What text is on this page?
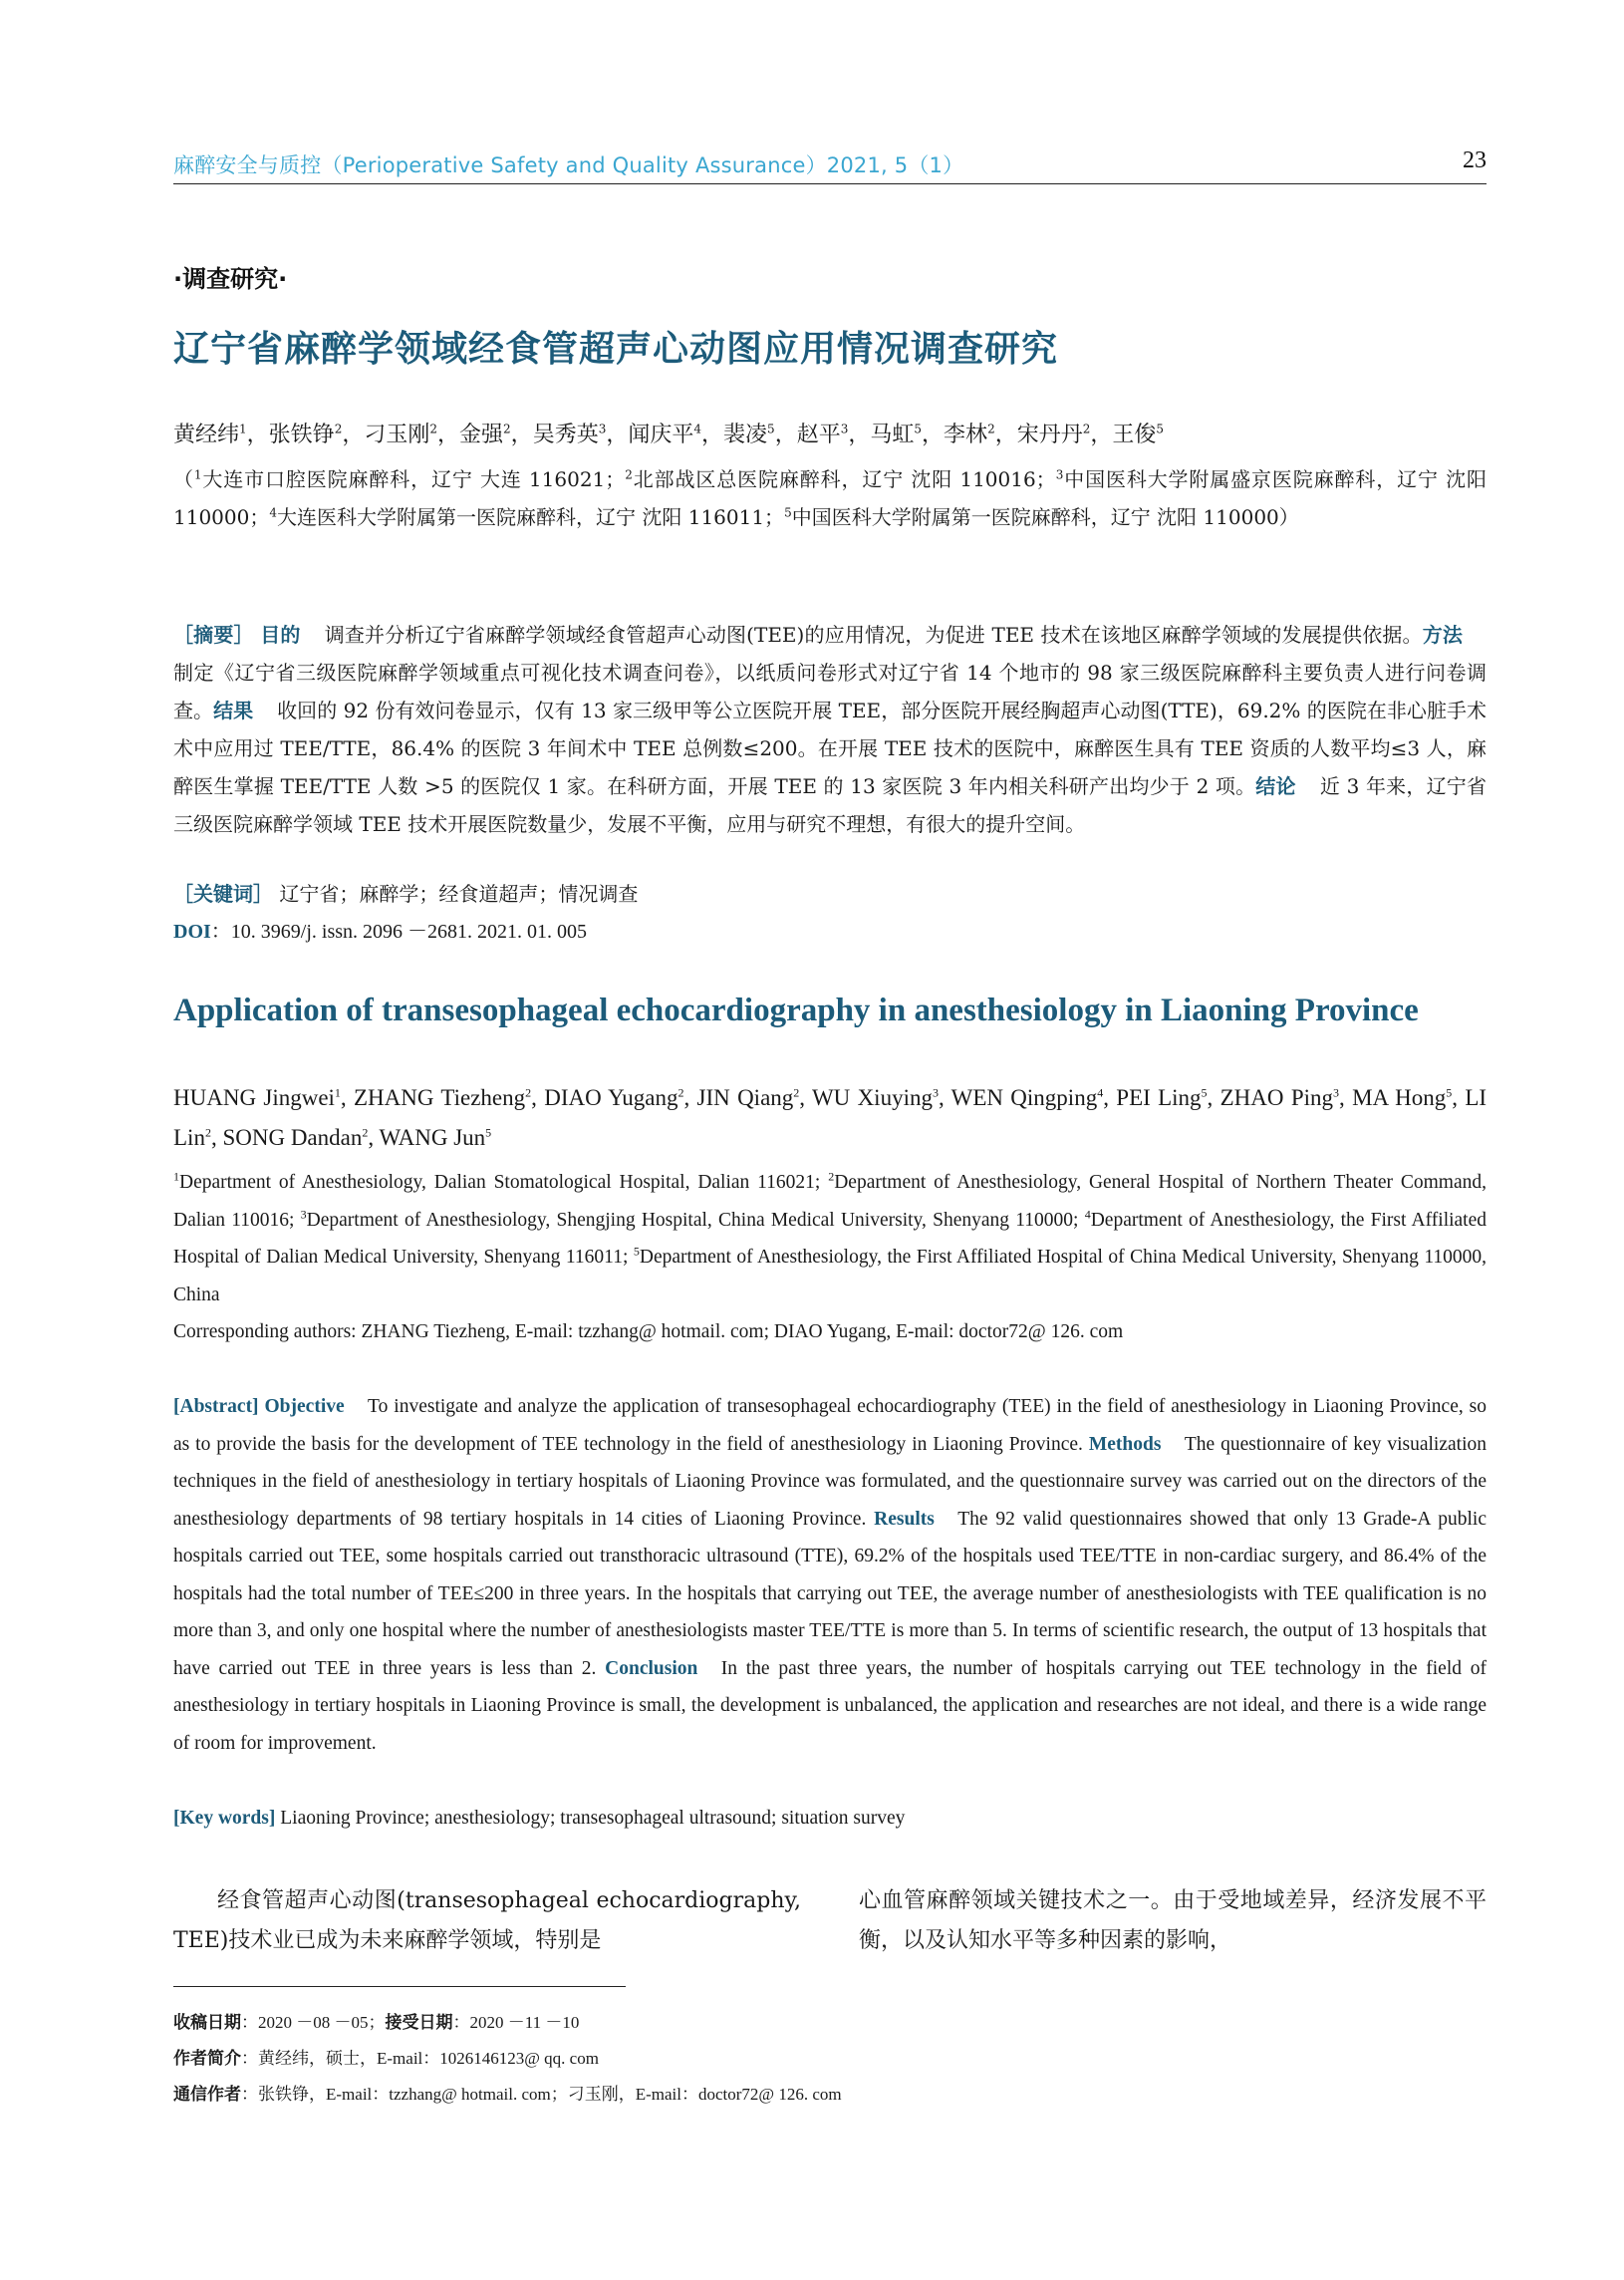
麻醉安全与质控（Perioperative Safety and Quality Assurance）2021, 5（1）	23
·调查研究·
辽宁省麻醉学领域经食管超声心动图应用情况调查研究
黄经纬$^1$，张铁铮$^2$，刁玉刚$^2$，金强$^2$，吴秀英$^3$，闻庆平$^4$，裴凌$^5$，赵平$^3$，马虹$^5$，李林$^2$，宋丹丹$^2$，王俊$^5$
（$^1$大连市口腔医院麻醉科，辽宁 大连 116021；$^2$北部战区总医院麻醉科，辽宁 沈阳 110016；$^3$中国医科大学附属盛京医院麻醉科，辽宁 沈阳 110000；$^4$大连医科大学附属第一医院麻醉科，辽宁 沈阳 116011；$^5$中国医科大学附属第一医院麻醉科，辽宁 沈阳 110000）
［摘要］ 目的 调查并分析辽宁省麻醉学领域经食管超声心动图(TEE)的应用情况，为促进 TEE 技术在该地区麻醉学领域的发展提供依据。方法制定《辽宁省三级医院麻醉学领域重点可视化技术调查问卷》，以纸质问卷形式对辽宁省 14 个地市的 98 家三级医院麻醉科主要负责人进行问卷调查。结果 收回的 92 份有效问卷显示，仅有 13 家三级甲等公立医院开展 TEE，部分医院开展经胸超声心动图(TTE)，69.2% 的医院在非心脏手术术中应用过 TEE/TTE，86.4% 的医院 3 年间术中 TEE 总例数≤200。在开展 TEE 技术的医院中，麻醉医生具有 TEE 资质的人数平均≤3 人，麻醉医生掌握 TEE/TTE 人数 >5 的医院仅 1 家。在科研方面，开展 TEE 的 13 家医院 3 年内相关科研产出均少于 2 项。结论 近 3 年来，辽宁省三级医院麻醉学领域 TEE 技术开展医院数量少，发展不平衡，应用与研究不理想，有很大的提升空间。
［关键词］ 辽宁省；麻醉学；经食道超声；情况调查
DOI：10. 3969/j. issn. 2096 －2681. 2021. 01. 005
Application of transesophageal echocardiography in anesthesiology in Liaoning Province
HUANG Jingwei$^1$, ZHANG Tiezheng$^2$, DIAO Yugang$^2$, JIN Qiang$^2$, WU Xiuying$^3$, WEN Qingping$^4$, PEI Ling$^5$, ZHAO Ping$^3$, MA Hong$^5$, LI Lin$^2$, SONG Dandan$^2$, WANG Jun$^5$
$^1$Department of Anesthesiology, Dalian Stomatological Hospital, Dalian 116021; $^2$Department of Anesthesiology, General Hospital of Northern Theater Command, Dalian 110016; $^3$Department of Anesthesiology, Shengjing Hospital, China Medical University, Shenyang 110000; $^4$Department of Anesthesiology, the First Affiliated Hospital of Dalian Medical University, Shenyang 116011; $^5$Department of Anesthesiology, the First Affiliated Hospital of China Medical University, Shenyang 110000, China
Corresponding authors: ZHANG Tiezheng, E-mail: tzzhang@ hotmail. com; DIAO Yugang, E-mail: doctor72@ 126. com
[Abstract] Objective To investigate and analyze the application of transesophageal echocardiography (TEE) in the field of anesthesiology in Liaoning Province, so as to provide the basis for the development of TEE technology in the field of anesthesiology in Liaoning Province. Methods The questionnaire of key visualization techniques in the field of anesthesiology in tertiary hospitals of Liaoning Province was formulated, and the questionnaire survey was carried out on the directors of the anesthesiology departments of 98 tertiary hospitals in 14 cities of Liaoning Province. Results The 92 valid questionnaires showed that only 13 Grade-A public hospitals carried out TEE, some hospitals carried out transthoracic ultrasound (TTE), 69.2% of the hospitals used TEE/TTE in non-cardiac surgery, and 86.4% of the hospitals had the total number of TEE≤200 in three years. In the hospitals that carrying out TEE, the average number of anesthesiologists with TEE qualification is no more than 3, and only one hospital where the number of anesthesiologists master TEE/TTE is more than 5. In terms of scientific research, the output of 13 hospitals that have carried out TEE in three years is less than 2. Conclusion In the past three years, the number of hospitals carrying out TEE technology in the field of anesthesiology in tertiary hospitals in Liaoning Province is small, the development is unbalanced, the application and researches are not ideal, and there is a wide range of room for improvement.
[Key words] Liaoning Province; anesthesiology; transesophageal ultrasound; situation survey
经食管超声心动图(transesophageal echocardiography, TEE)技术业已成为未来麻醉学领域，特别是
心血管麻醉领域关键技术之一。由于受地域差异，经济发展不平衡，以及认知水平等多种因素的影响，
收稿日期：2020 －08 －05；接受日期：2020 －11 －10
作者简介：黄经纬，硕士，E-mail：1026146123@ qq. com
通信作者：张铁铮，E-mail：tzzhang@ hotmail. com；刁玉刚，E-mail：doctor72@ 126. com
